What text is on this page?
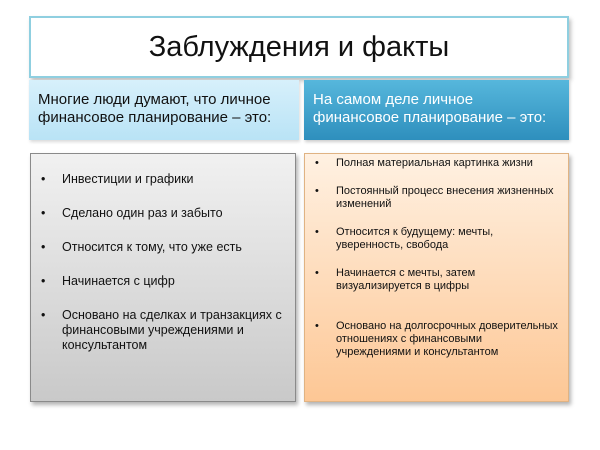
Заблуждения и факты
Многие люди думают, что личное финансовое планирование – это:
На самом деле личное финансовое планирование – это:
• Инвестиции и графики
• Сделано один раз и забыто
• Относится к тому, что уже есть
• Начинается с цифр
• Основано на сделках и транзакциях с финансовыми учреждениями и консультантом
• Полная материальная картинка жизни
• Постоянный процесс внесения жизненных изменений
• Относится к будущему: мечты, уверенность, свобода
• Начинается с мечты, затем визуализируется в цифры
• Основано на долгосрочных доверительных отношениях с финансовыми учреждениями и консультантом
